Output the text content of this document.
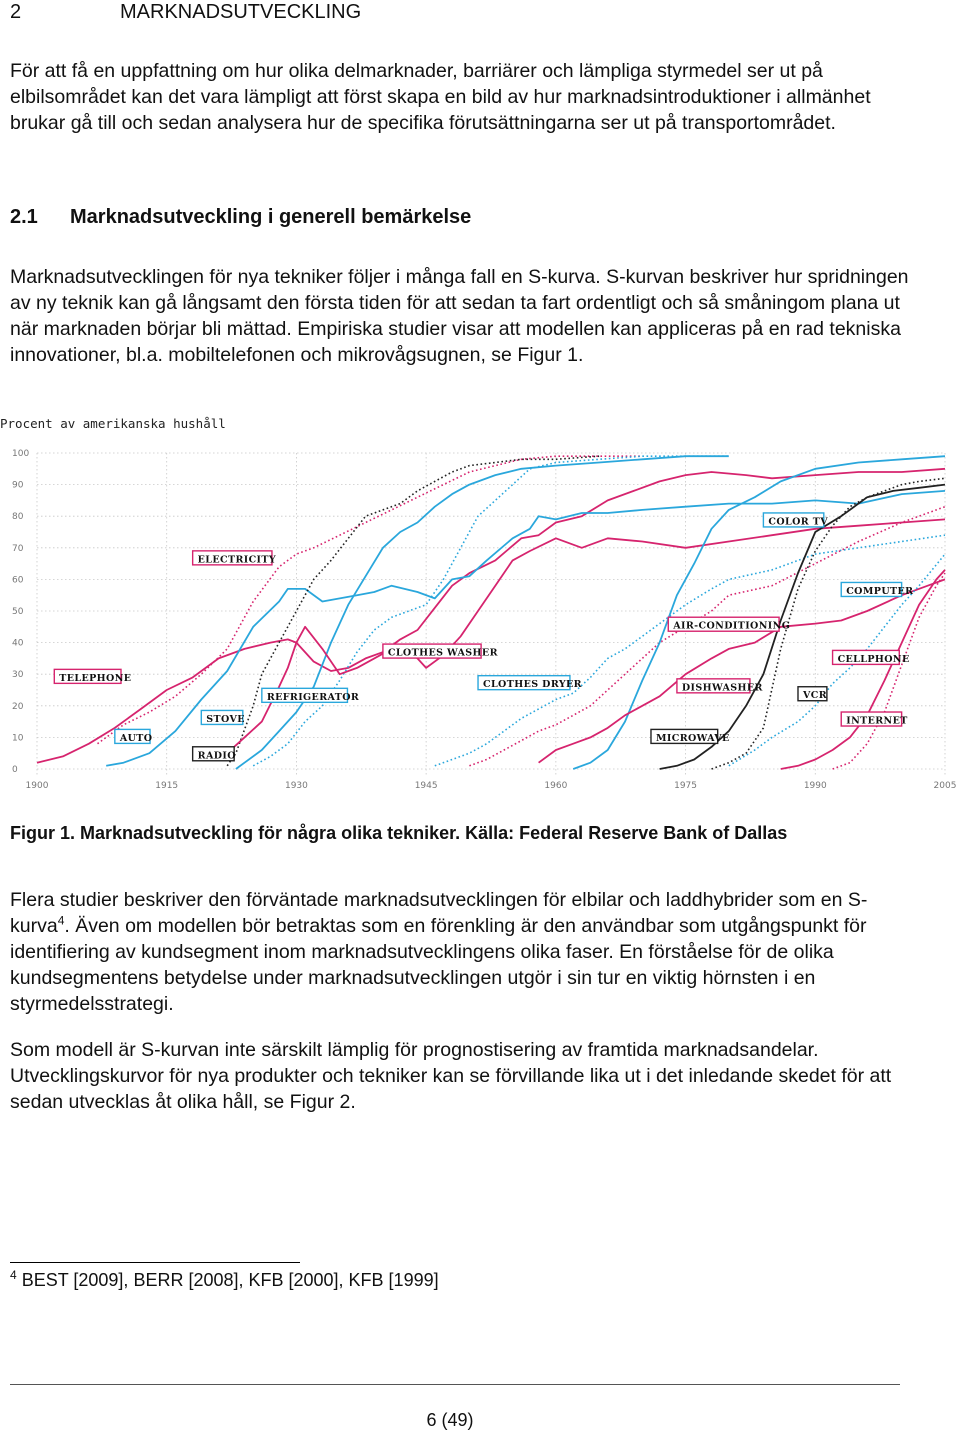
2	MARKNADSUTVECKLING
För att få en uppfattning om hur olika delmarknader, barriärer och lämpliga styrmedel ser ut på elbilsområdet kan det vara lämpligt att först skapa en bild av hur marknadsintroduktioner i allmänhet brukar gå till och sedan analysera hur de specifika förutsättningarna ser ut på transportområdet.
2.1 Marknadsutveckling i generell bemärkelse
Marknadsutvecklingen för nya tekniker följer i många fall en S-kurva. S-kurvan beskriver hur spridningen av ny teknik kan gå långsamt den första tiden för att sedan ta fart ordentligt och så småningom plana ut när marknaden börjar bli mättad. Empiriska studier visar att modellen kan appliceras på en rad tekniska innovationer, bl.a. mobiltelefonen och mikrovågsugnen, se Figur 1.
Procent av amerikanska hushåll
0
10
20
30
40
50
60
70
80
90
100
1900	1915	1930	1945	1960	1975	1990	2005
TELEPHONE
ELECTRICITY
AUTO
STOVE
RADIO
REFRIGERATOR
CLOTHES WASHER
CLOTHES DRYER
AIR-CONDITIONING
COLOR TV
DISHWASHER
MICROWAVE
VCR
COMPUTER
CELLPHONE
INTERNET
Figur 1. Marknadsutveckling för några olika tekniker. Källa: Federal Reserve Bank of Dallas
Flera studier beskriver den förväntade marknadsutvecklingen för elbilar och laddhybrider som en S-kurva$^4$. Även om modellen bör betraktas som en förenkling är den användbar som utgångspunkt för identifiering av kundsegment inom marknadsutvecklingens olika faser. En förståelse för de olika kundsegmentens betydelse under marknadsutvecklingen utgör i sin tur en viktig hörnsten i en styrmedelsstrategi.
Som modell är S-kurvan inte särskilt lämplig för prognostisering av framtida marknadsandelar. Utvecklingskurvor för nya produkter och tekniker kan se förvillande lika ut i det inledande skedet för att sedan utvecklas åt olika håll, se Figur 2.
$^4$ BEST [2009], BERR [2008], KFB [2000], KFB [1999]
6 (49)
